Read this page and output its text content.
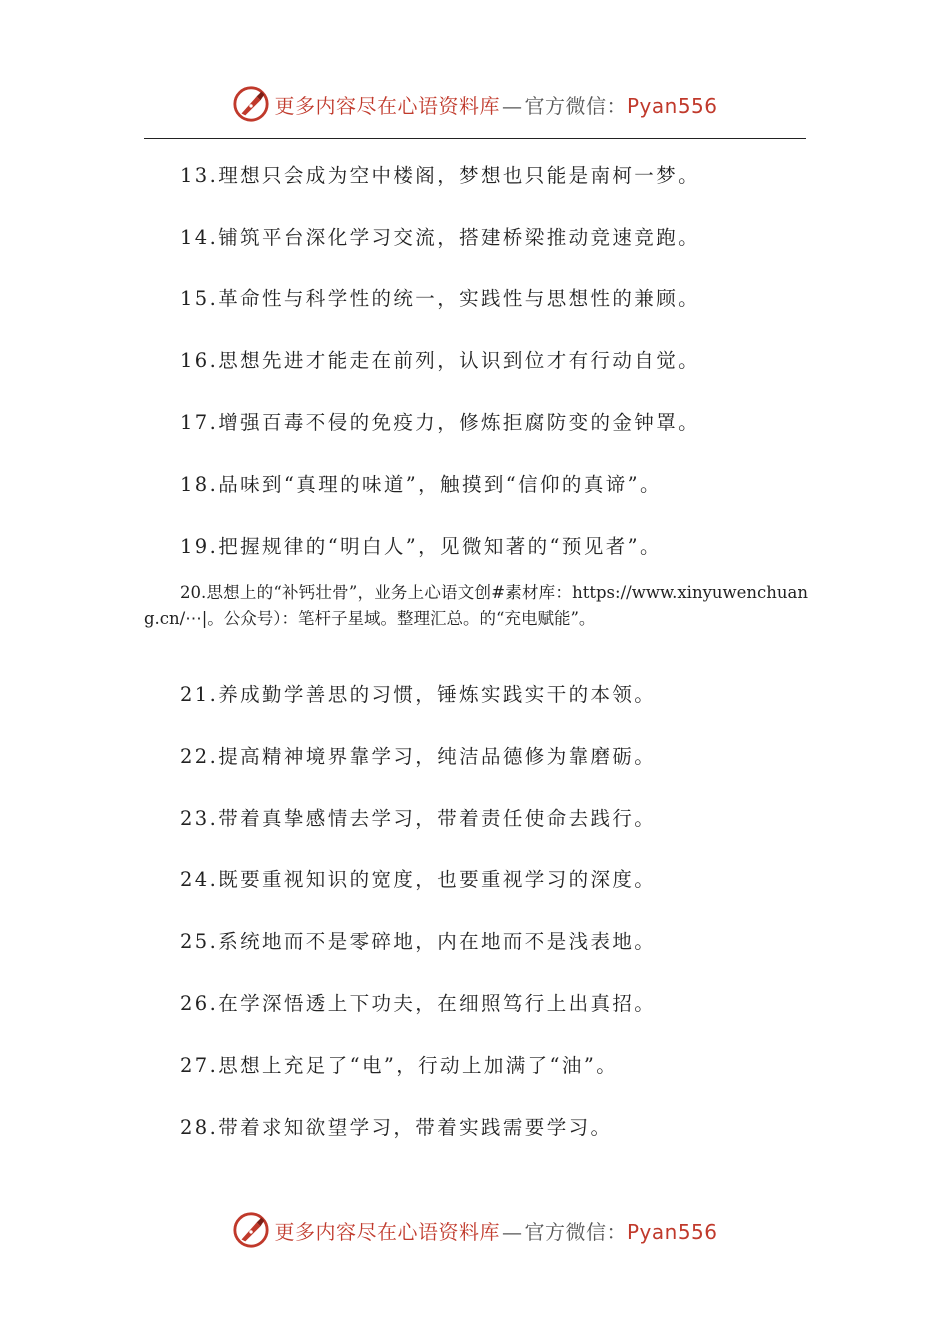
更多内容尽在心语资料库 — 官方微信：Pyan556
13.理想只会成为空中楼阁，梦想也只能是南柯一梦。
14.铺筑平台深化学习交流，搭建桥梁推动竞速竞跑。
15.革命性与科学性的统一，实践性与思想性的兼顾。
16.思想先进才能走在前列，认识到位才有行动自觉。
17.增强百毒不侵的免疫力，修炼拒腐防变的金钟罩。
18.品味到“真理的味道”，触摸到“信仰的真谛”。
19.把握规律的“明白人”，见微知著的“预见者”。
20.思想上的“补钙壮骨”，业务上心语文创#素材库：https://www.xinyuwenchuang.cn/⋯|。公众号）：笔杆子星域。整理汇总。的“充电赋能”。
21.养成勤学善思的习惯，锤炼实践实干的本领。
22.提高精神境界靠学习，纯洁品德修为靠磨砺。
23.带着真挚感情去学习，带着责任使命去践行。
24.既要重视知识的宽度，也要重视学习的深度。
25.系统地而不是零碎地，内在地而不是浅表地。
26.在学深悟透上下功夫，在细照笃行上出真招。
27.思想上充足了“电”，行动上加满了“油”。
28.带着求知欲望学习，带着实践需要学习。
更多内容尽在心语资料库 — 官方微信：Pyan556
